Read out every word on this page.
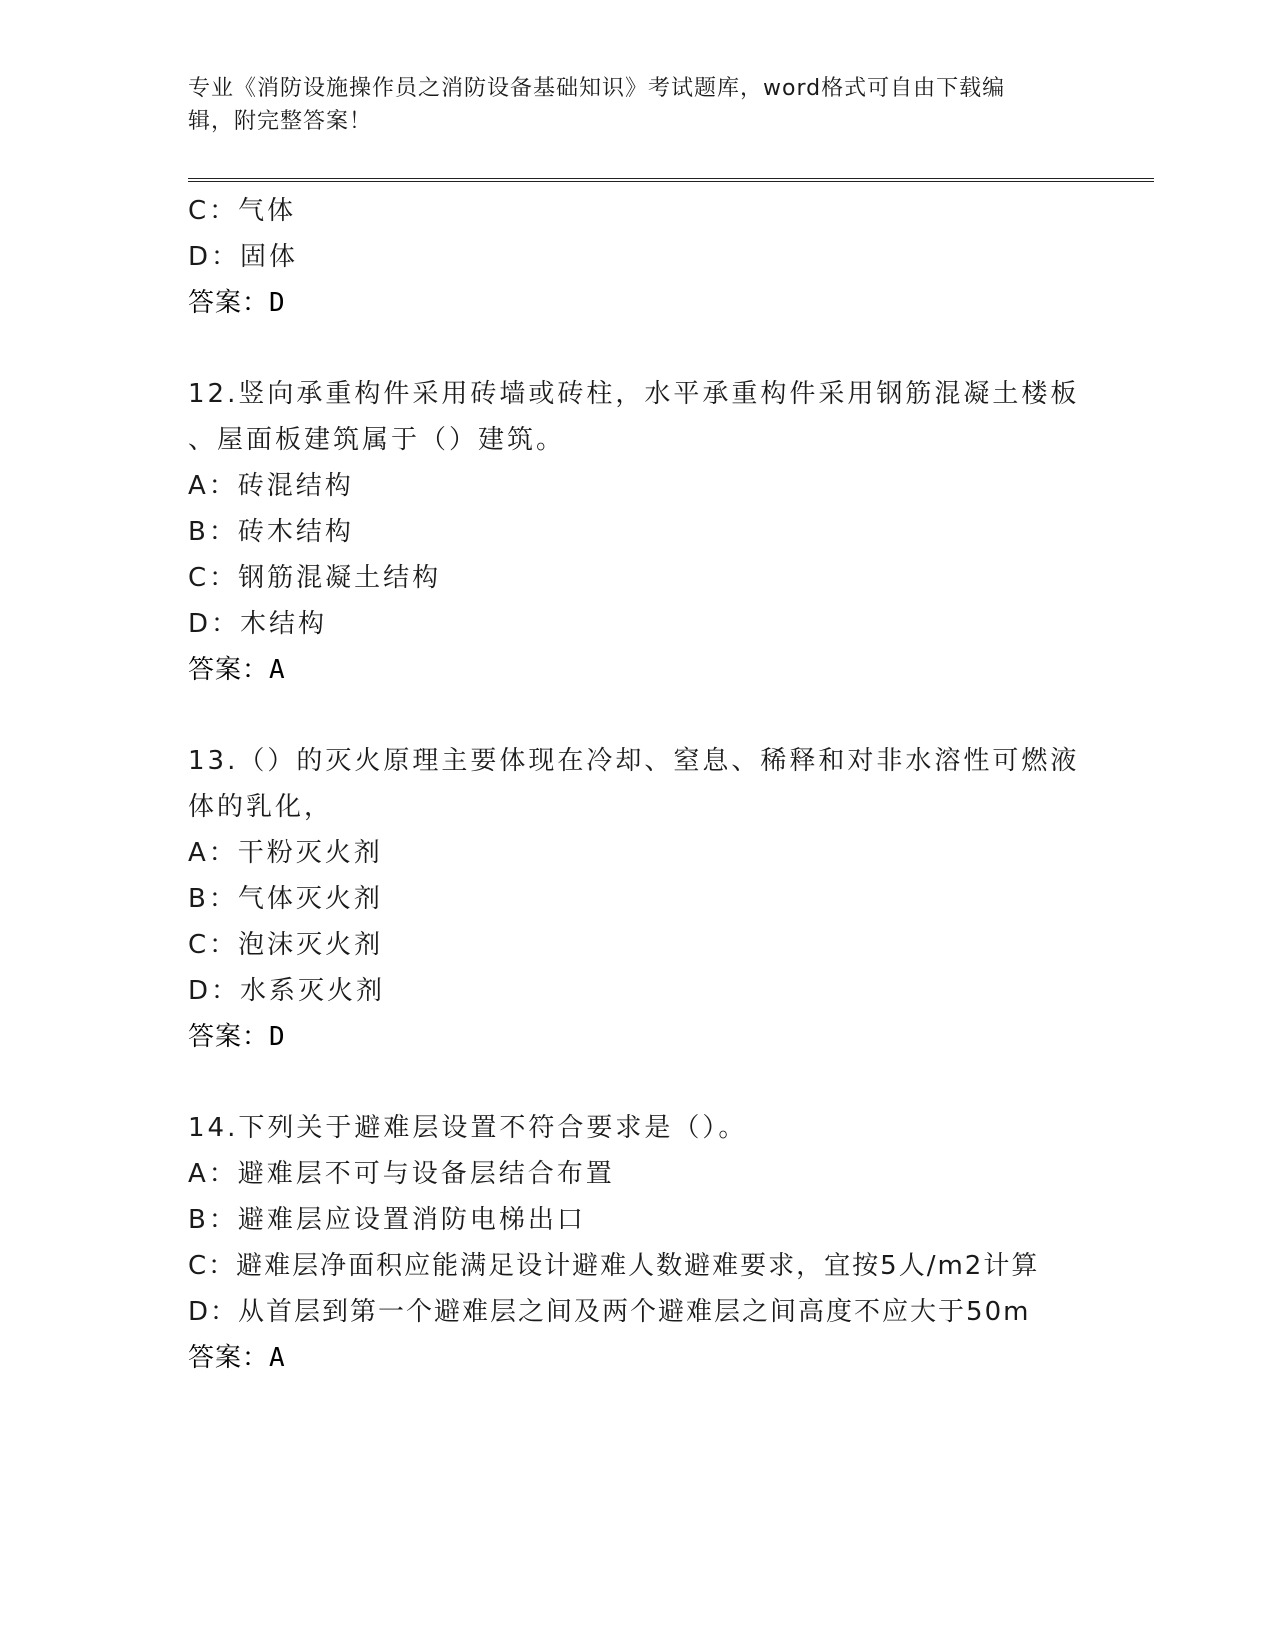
专业《消防设施操作员之消防设备基础知识》考试题库，word格式可自由下载编
辑，附完整答案！
C：气体
D：固体
答案：D
12.竖向承重构件采用砖墙或砖柱，水平承重构件采用钢筋混凝土楼板
、屋面板建筑属于（）建筑。
A：砖混结构
B：砖木结构
C：钢筋混凝土结构
D：木结构
答案：A
13.（）的灭火原理主要体现在冷却、窒息、稀释和对非水溶性可燃液
体的乳化，
A：干粉灭火剂
B：气体灭火剂
C：泡沫灭火剂
D：水系灭火剂
答案：D
14.下列关于避难层设置不符合要求是（）。
A：避难层不可与设备层结合布置
B：避难层应设置消防电梯出口
C：避难层净面积应能满足设计避难人数避难要求，宜按5人/m2计算
D：从首层到第一个避难层之间及两个避难层之间高度不应大于50m
答案：A
